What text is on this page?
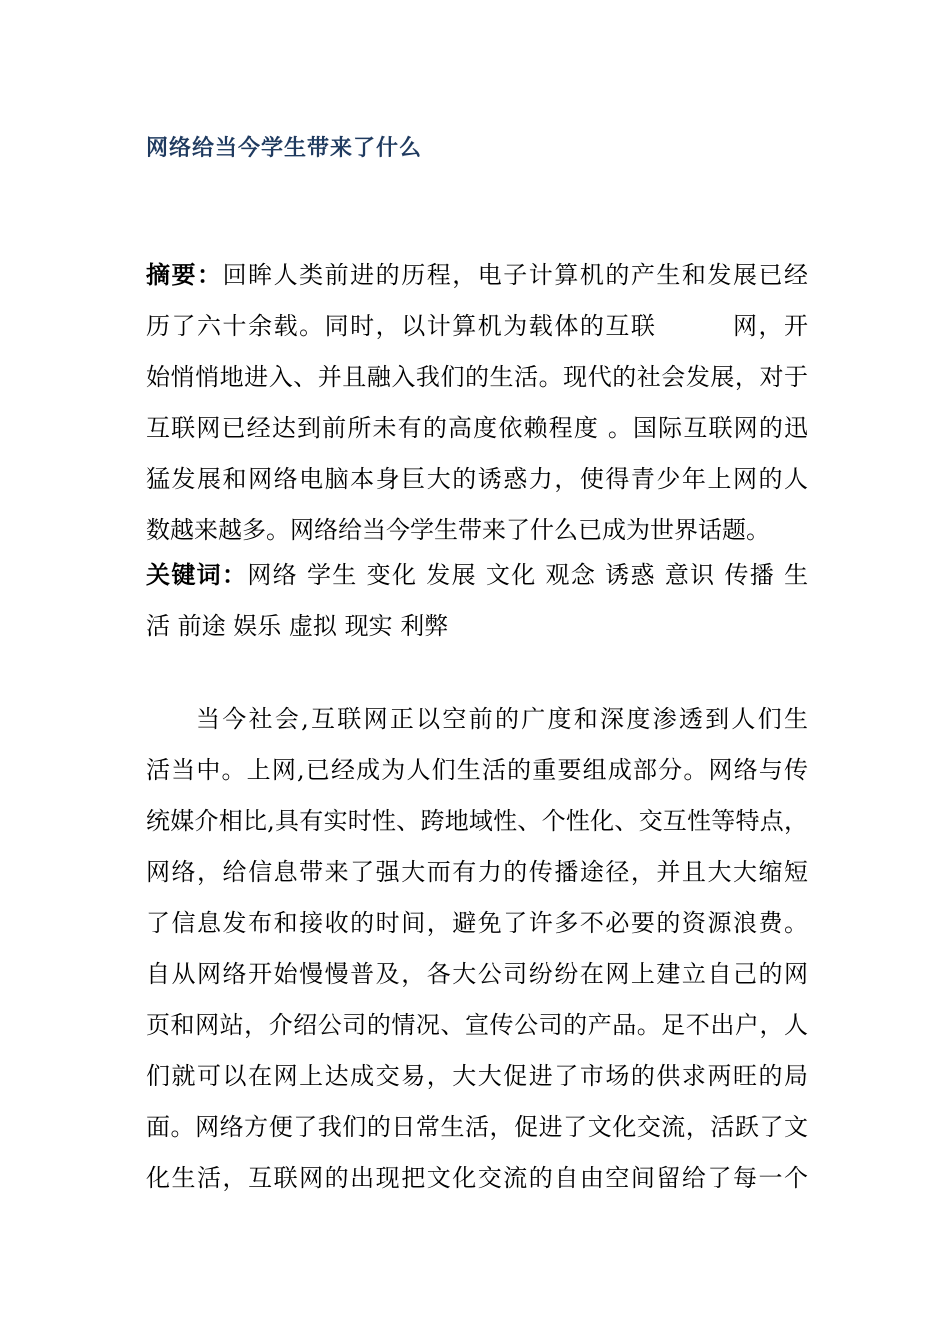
网络给当今学生带来了什么
摘要：回眸人类前进的历程，电子计算机的产生和发展已经
历了六十余载。同时，以计算机为载体的互联　　　网，开
始悄悄地进入、并且融入我们的生活。现代的社会发展，对于
互联网已经达到前所未有的高度依赖程度 。国际互联网的迅
猛发展和网络电脑本身巨大的诱惑力，使得青少年上网的人
数越来越多。网络给当今学生带来了什么已成为世界话题。
关键词：网络 学生 变化 发展 文化 观念 诱惑 意识 传播 生
活 前途 娱乐 虚拟 现实 利弊
当今社会,互联网正以空前的广度和深度渗透到人们生
活当中。上网,已经成为人们生活的重要组成部分。网络与传
统媒介相比,具有实时性、跨地域性、个性化、交互性等特点，
网络，给信息带来了强大而有力的传播途径，并且大大缩短
了信息发布和接收的时间，避免了许多不必要的资源浪费。
自从网络开始慢慢普及，各大公司纷纷在网上建立自己的网
页和网站，介绍公司的情况、宣传公司的产品。足不出户，人
们就可以在网上达成交易，大大促进了市场的供求两旺的局
面。网络方便了我们的日常生活，促进了文化交流，活跃了文
化生活，互联网的出现把文化交流的自由空间留给了每一个
